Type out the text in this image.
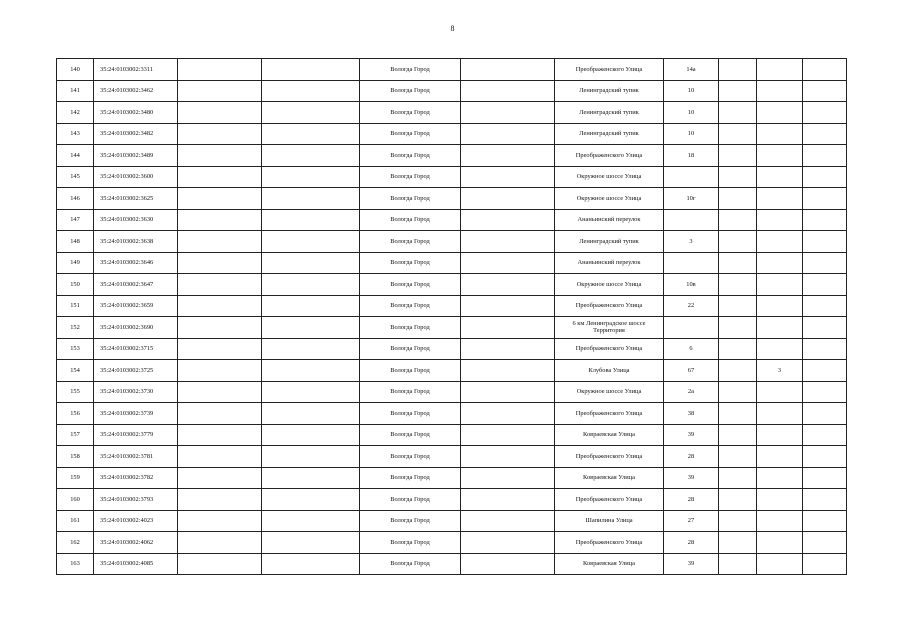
8
140	35:24:0103002:3311			Вологда Город		Преображенского Улица	14а			
141	35:24:0103002:3462			Вологда Город		Ленинградский тупик	10			
142	35:24:0103002:3480			Вологда Город		Ленинградский тупик	10			
143	35:24:0103002:3482			Вологда Город		Ленинградский тупик	10			
144	35:24:0103002:3489			Вологда Город		Преображенского Улица	18			
145	35:24:0103002:3600			Вологда Город		Окружное шоссе Улица				
146	35:24:0103002:3625			Вологда Город		Окружное шоссе Улица	10г			
147	35:24:0103002:3630			Вологда Город		Ананьинский переулок				
148	35:24:0103002:3638			Вологда Город		Ленинградский тупик	3			
149	35:24:0103002:3646			Вологда Город		Ананьинский переулок				
150	35:24:0103002:3647			Вологда Город		Окружное шоссе Улица	10в			
151	35:24:0103002:3659			Вологда Город		Преображенского Улица	22			
152	35:24:0103002:3690			Вологда Город		6 км Ленинградское шоссе Территория				
153	35:24:0103002:3715			Вологда Город		Преображенского Улица	6			
154	35:24:0103002:3725			Вологда Город		Клубова Улица	67		3	
155	35:24:0103002:3730			Вологда Город		Окружное шоссе Улица	2а			
156	35:24:0103002:3739			Вологда Город		Преображенского Улица	38			
157	35:24:0103002:3779			Вологда Город		Ковраевская Улица	39			
158	35:24:0103002:3781			Вологда Город		Преображенского Улица	28			
159	35:24:0103002:3782			Вологда Город		Ковраевская Улица	39			
160	35:24:0103002:3793			Вологда Город		Преображенского Улица	28			
161	35:24:0103002:4023			Вологда Город		Шапилина Улица	27			
162	35:24:0103002:4062			Вологда Город		Преображенского Улица	28			
163	35:24:0103002:4085			Вологда Город		Ковраевская Улица	39			
